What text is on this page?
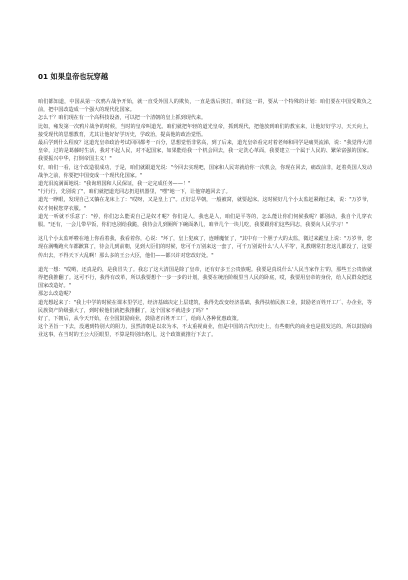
01 如果皇帝也玩穿越

咱们都知道，中国从第一次鸦片战争开始，就一直受外国人的欺负，一直是落后挨打，咱们这一讲，要从一个特殊的计划：咱们要在中国受欺负之前，把中国改造成一个强大的现代化国家。

怎么干？咱们现在有一个高科技设备，可以把一个清朝的皇上抓到现代来。

比如，雍发第一次鸦片战争的时候，当时的皇帝叫道光。咱们就把年轻的道光皇帝，抓到现代，把他放到咱们的教室来，让他好好学习，天天向上，接受现代的思想教育，尤其让他好好学历史，学政治，提高他的政治觉悟。

最后学到什么程度？这道光皇帝政治考试回回都考一百分，思想觉悟非常高，到了后来，道光皇帝看完对着老师和同学是痛哭流涕，说："我觉得大清皇帝，过的是葛藤时生活，我对不起人民，对不起国家，如果能给我一个机会回去，我一定洗心革面，我要建立一个属于人民的、繁荣富强的国家。我要振兴中华，打倒帝国主义！"

好，咱们一看，这个改造很成功，于是，咱们就跟道光说："今回去实现吧，国家和人民寄就给你一次机会，你现在回去，痛改前非，赶着英国人发动战争之前，你要把中国变成一个现代化国家。"

道光泪流满面地说："我询班国和人民保证，我一定完成任务——！"

"行行行，先别说了"，咱们就把道光同志扔进机器里，"嘿"地一下，让他穿越回去了。

道光一睁眼，发现自己又躺在龙床上了："哎呀，又是皇上了"。正好总早朝，一般被窝，就要起床。这时候好几个小太监赶紧跑过来，说："万岁爷，奴才伺候您穿衣服。"

道光一听就不乐意了："停，你们怎么能说自己是奴才呢？你们是人，我也是人，咱们是平等的，怎么能让你们伺候我呢？都别动，我自个儿穿衣服。"还有，一会儿带早饭，你们也别给我跪，我待会儿到厕所下碗面条儿，咱爷几个一块儿吃，我要跟你们这些同志，我要向人民学习！"

这几个小太监呼啦在地上你看着我，我看着你，心说："坏了，皇上犯疯了，连睡魔怔了，"其中有一个胆子大的太监，微过来跪皇上说："万岁爷，您现在满嘴跑火车都歉算了，待会儿到前朝，见到大臣们的时候，您可千万别来这一套了，可千万别说什么'人人平等'，礼教纲常打您这儿都没了，这要传出去，不得天下大乱啊！那么多的王公大臣，他们——都兴许对您改好处。"

道光一想："哎哟，还真是的，是我冒失了。我忘了这大清国是除了皇帝，还有好多王公贵族呢。我要是真说什么'人民当家作主'的，那些王公贵族就得把我推翻了。这可不行，我得有改革，所以我要想个一步一步的计划，我要在统治阶级里当人民的卧底，哎，我要用皇帝的身份，给人民群众把这国家改造好。"

那怎么改造呢？

道光想起来了："我上中学的时候在课本里学过，经济基础决定上层建筑，我得先改变经济基础，我得扶植民族工业，鼓励老百姓开工厂、办企业，等民族资产阶级强大了，到时候他们就把我推翻了，这个国家不就进步了吗？"

好了，下朝后，从今天开始，在全国鼓励商业，鼓励老百姓开工厂，给商人各种优惠政策。

这个圣旨一下去，没遇到特别大的阻力，虽然清朝是以农为本，不太重视商业，但是中国的古代历史上，有些朝代的商业也是很发达的。所以鼓励商业这事，在当时的王公大臣眼里，不算是特别出格儿，这个政策就推行下去了。
